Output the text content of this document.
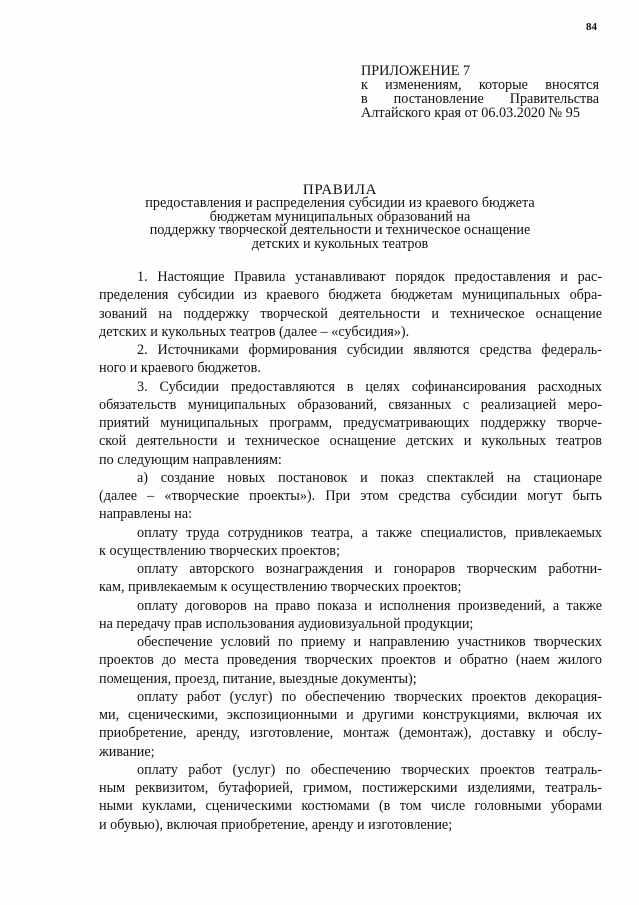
84
ПРИЛОЖЕНИЕ 7
к изменениям, которые вносятся
в постановление Правительства
Алтайского края от 06.03.2020 № 95
ПРАВИЛА
предоставления и распределения субсидии из краевого бюджета
бюджетам муниципальных образований на
поддержку творческой деятельности и техническое оснащение
детских и кукольных театров
1. Настоящие Правила устанавливают порядок предоставления и рас-
пределения субсидии из краевого бюджета бюджетам муниципальных обра-
зований на поддержку творческой деятельности и техническое оснащение
детских и кукольных театров (далее – «субсидия»).
2. Источниками формирования субсидии являются средства федераль-
ного и краевого бюджетов.
3. Субсидии предоставляются в целях софинансирования расходных
обязательств муниципальных образований, связанных с реализацией меро-
приятий муниципальных программ, предусматривающих поддержку творче-
ской деятельности и техническое оснащение детских и кукольных театров
по следующим направлениям:
а) создание новых постановок и показ спектаклей на стационаре
(далее – «творческие проекты»). При этом средства субсидии могут быть
направлены на:
оплату труда сотрудников театра, а также специалистов, привлекаемых
к осуществлению творческих проектов;
оплату авторского вознаграждения и гонораров творческим работни-
кам, привлекаемым к осуществлению творческих проектов;
оплату договоров на право показа и исполнения произведений, а также
на передачу прав использования аудиовизуальной продукции;
обеспечение условий по приему и направлению участников творческих
проектов до места проведения творческих проектов и обратно (наем жилого
помещения, проезд, питание, выездные документы);
оплату работ (услуг) по обеспечению творческих проектов декорация-
ми, сценическими, экспозиционными и другими конструкциями, включая их
приобретение, аренду, изготовление, монтаж (демонтаж), доставку и обслу-
живание;
оплату работ (услуг) по обеспечению творческих проектов театраль-
ным реквизитом, бутафорией, гримом, постижерскими изделиями, театраль-
ными куклами, сценическими костюмами (в том числе головными уборами
и обувью), включая приобретение, аренду и изготовление;
